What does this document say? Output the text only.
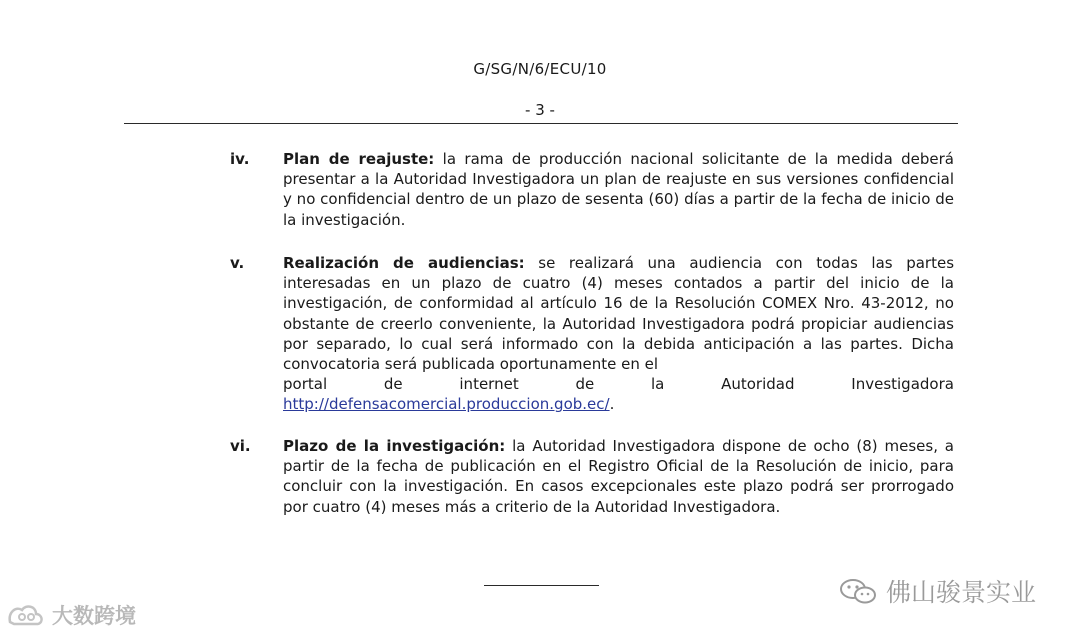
G/SG/N/6/ECU/10
- 3 -
iv. Plan de reajuste: la rama de producción nacional solicitante de la medida deberá presentar a la Autoridad Investigadora un plan de reajuste en sus versiones confidencial y no confidencial dentro de un plazo de sesenta (60) días a partir de la fecha de inicio de la investigación.
v.	Realización de audiencias: se realizará una audiencia con todas las partes interesadas en un plazo de cuatro (4) meses contados a partir del inicio de la investigación, de conformidad al artículo 16 de la Resolución COMEX Nro. 43-2012, no obstante de creerlo conveniente, la Autoridad Investigadora podrá propiciar audiencias por separado, lo cual será informado con la debida anticipación a las partes. Dicha convocatoria será publicada oportunamente en el
portal	de	internet	de	la	Autoridad	Investigadora
http://defensacomercial.produccion.gob.ec/.
vi. Plazo de la investigación: la Autoridad Investigadora dispone de ocho (8) meses, a partir de la fecha de publicación en el Registro Oficial de la Resolución de inicio, para concluir con la investigación. En casos excepcionales este plazo podrá ser prorrogado por cuatro (4) meses más a criterio de la Autoridad Investigadora.
大数跨境
佛山骏景实业
